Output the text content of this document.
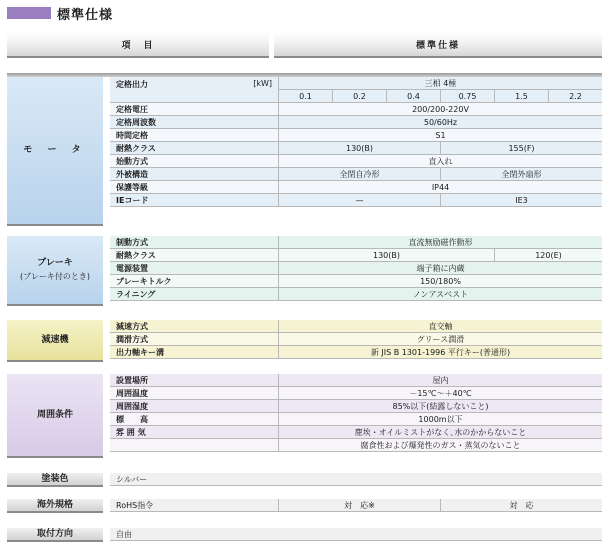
標準仕様
項　目	標準仕様
モ ー タ
定格出力	[kW]	三相 4極
0.1	0.2	0.4	0.75	1.5	2.2
定格電圧	200/200-220V
定格周波数	50/60Hz
時間定格	S1
耐熱クラス	130(B)	155(F)
始動方式	直入れ
外被構造	全閉自冷形	全閉外扇形
保護等級	IP44
IEコード	—	IE3
ブレーキ
(ブレーキ付のとき)
制動方式	直流無励磁作動形
耐熱クラス	130(B)	120(E)
電源装置	端子箱に内蔵
ブレーキトルク	150/180%
ライニング	ノンアスベスト
減速機
減速方式	直交軸
潤滑方式	グリース潤滑
出力軸キー溝	新 JIS B 1301-1996 平行キー(普通形)
周囲条件
設置場所	屋内
周囲温度	－15℃～＋40℃
周囲湿度	85%以下(結露しないこと)
標　　高	1000m以下
雰 囲 気	塵埃・オイルミストがなく､水のかからないこと
腐食性および爆発性のガス・蒸気のないこと
塗装色	シルバー
海外規格	RoHS指令	対　応※	対　応
取付方向	自由
